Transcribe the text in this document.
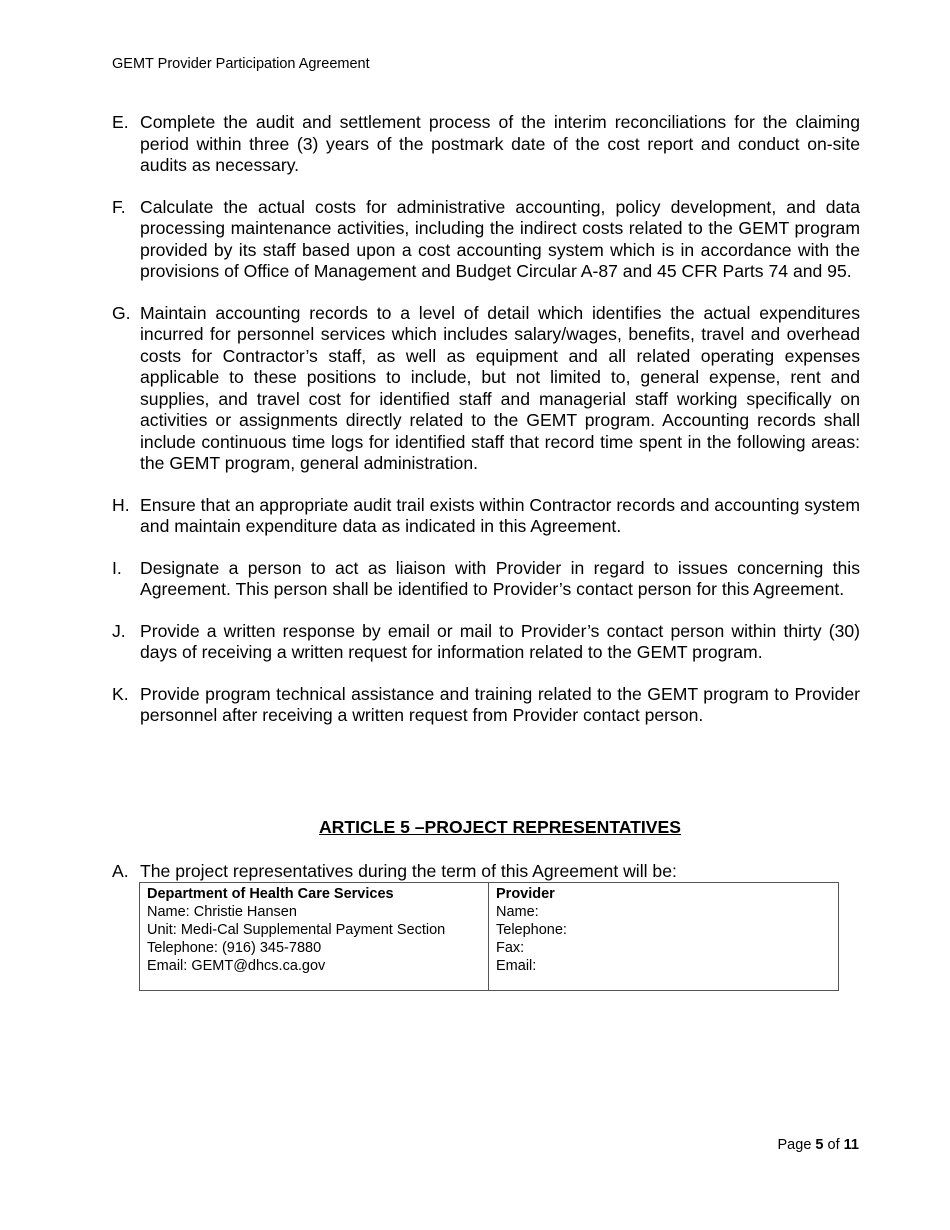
GEMT Provider Participation Agreement
E. Complete the audit and settlement process of the interim reconciliations for the claiming period within three (3) years of the postmark date of the cost report and conduct on-site audits as necessary.
F. Calculate the actual costs for administrative accounting, policy development, and data processing maintenance activities, including the indirect costs related to the GEMT program provided by its staff based upon a cost accounting system which is in accordance with the provisions of Office of Management and Budget Circular A-87 and 45 CFR Parts 74 and 95.
G. Maintain accounting records to a level of detail which identifies the actual expenditures incurred for personnel services which includes salary/wages, benefits, travel and overhead costs for Contractor’s staff, as well as equipment and all related operating expenses applicable to these positions to include, but not limited to, general expense, rent and supplies, and travel cost for identified staff and managerial staff working specifically on activities or assignments directly related to the GEMT program. Accounting records shall include continuous time logs for identified staff that record time spent in the following areas: the GEMT program, general administration.
H. Ensure that an appropriate audit trail exists within Contractor records and accounting system and maintain expenditure data as indicated in this Agreement.
I.	Designate a person to act as liaison with Provider in regard to issues concerning this Agreement. This person shall be identified to Provider’s contact person for this Agreement.
J. Provide a written response by email or mail to Provider’s contact person within thirty (30) days of receiving a written request for information related to the GEMT program.
K. Provide program technical assistance and training related to the GEMT program to Provider personnel after receiving a written request from Provider contact person.
ARTICLE 5 –PROJECT REPRESENTATIVES
A. The project representatives during the term of this Agreement will be:
Department of Health Care Services
Name: Christie Hansen
Unit: Medi-Cal Supplemental Payment Section
Telephone: (916) 345-7880
Email: GEMT@dhcs.ca.gov

Provider
Name:
Telephone:
Fax:
Email:
Page 5 of 11
